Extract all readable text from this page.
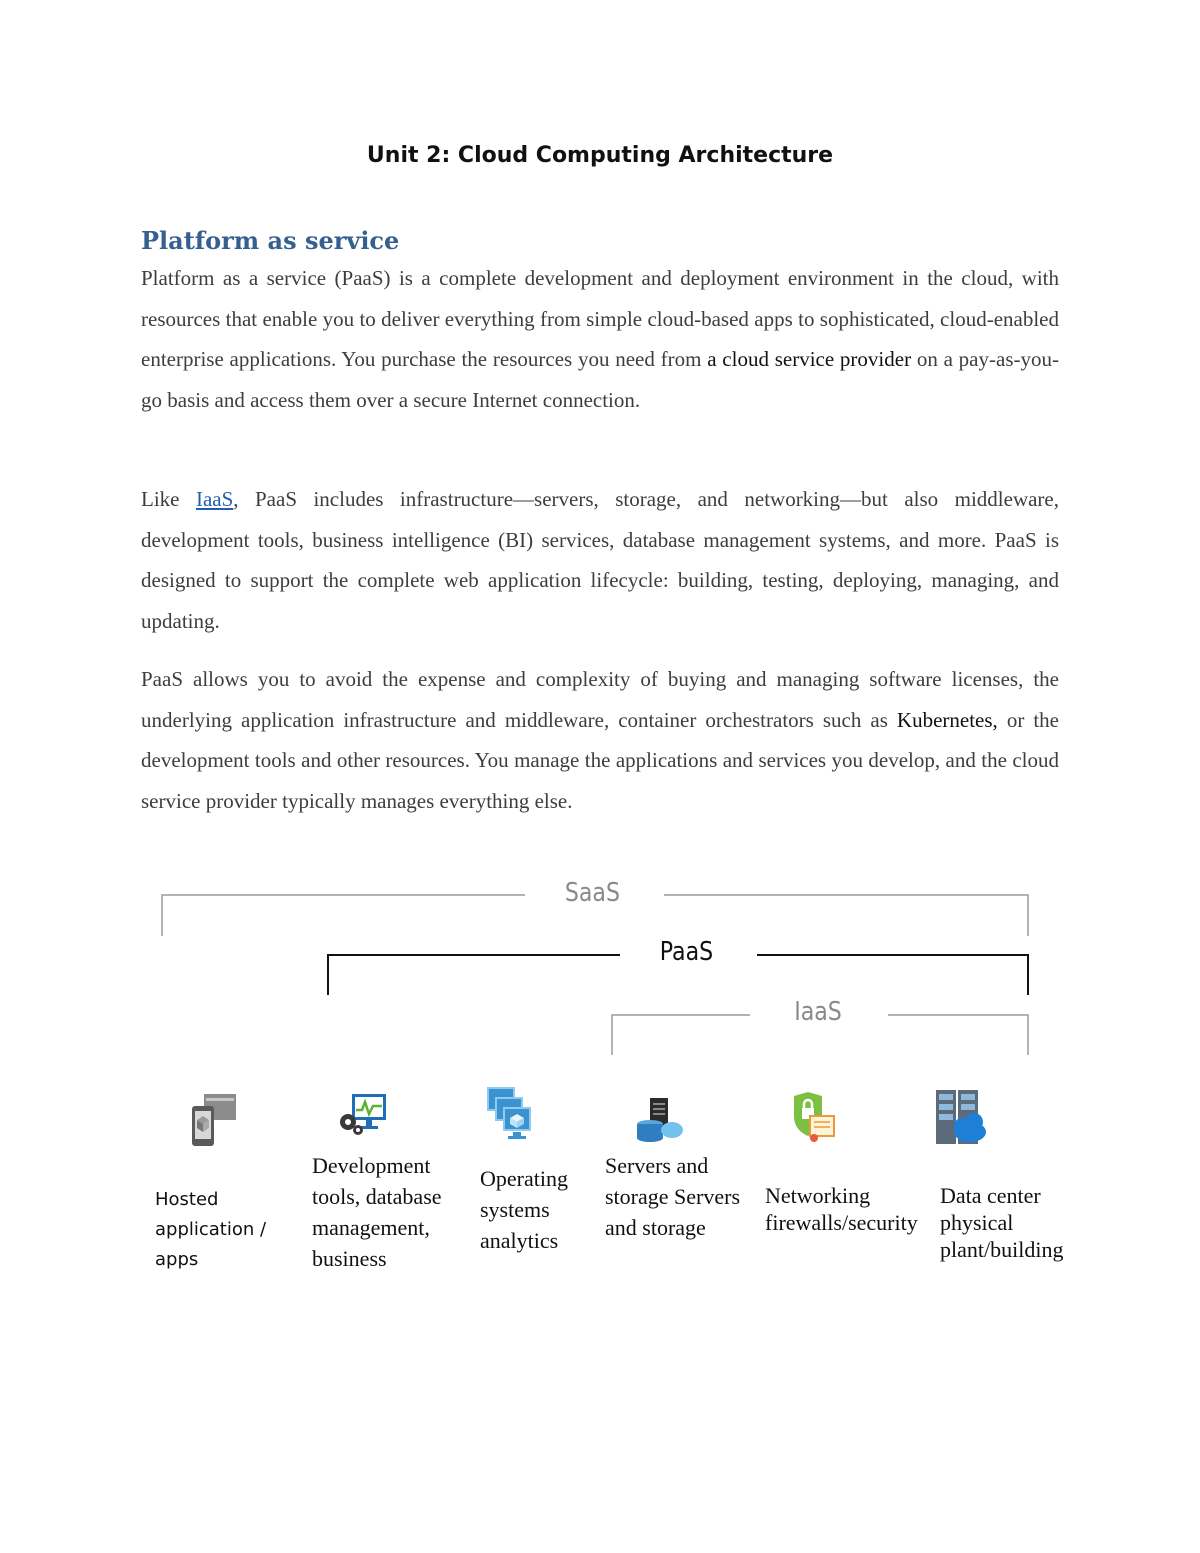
Unit 2: Cloud Computing Architecture
Platform as service

Platform as a service (PaaS) is a complete development and deployment environment in the cloud, with resources that enable you to deliver everything from simple cloud-based apps to sophisticated, cloud-enabled enterprise applications. You purchase the resources you need from a cloud service provider on a pay-as-you-go basis and access them over a secure Internet connection.

Like IaaS, PaaS includes infrastructure—servers, storage, and networking—but also middleware, development tools, business intelligence (BI) services, database management systems, and more. PaaS is designed to support the complete web application lifecycle: building, testing, deploying, managing, and updating.

PaaS allows you to avoid the expense and complexity of buying and managing software licenses, the underlying application infrastructure and middleware, container orchestrators such as Kubernetes, or the development tools and other resources. You manage the applications and services you develop, and the cloud service provider typically manages everything else.

SaaS
PaaS
IaaS
Hosted application / apps
Development tools, database management, business
Operating systems analytics
Servers and storage Servers and storage
Networking firewalls/security
Data center physical plant/building
